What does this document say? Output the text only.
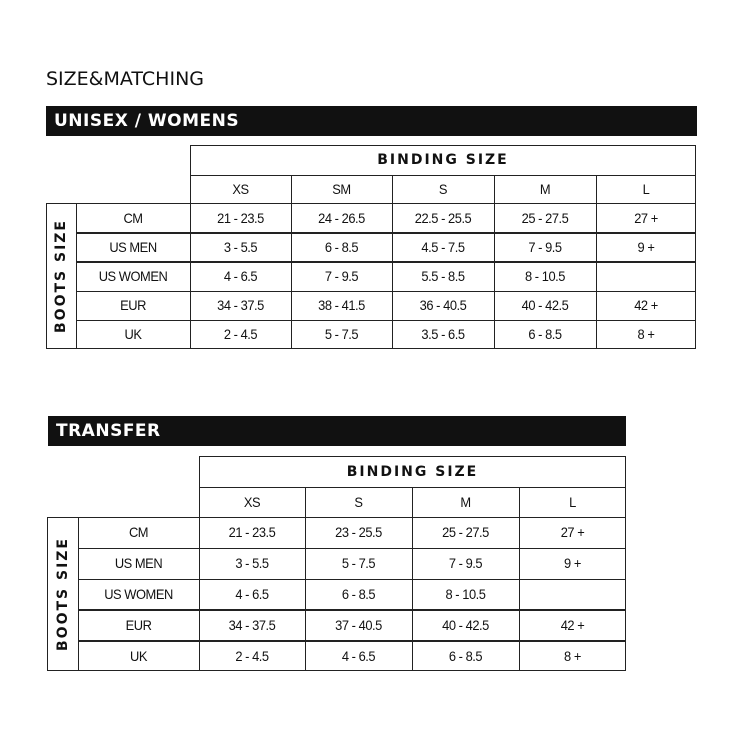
SIZE&MATCHING
UNISEX / WOMENS
BINDING SIZE
BOOTS SIZE
XS	SM	S	M	L
CM	21 - 23.5	24 - 26.5	22.5 - 25.5	25 - 27.5	27 +
US MEN	3 - 5.5	6 - 8.5	4.5 - 7.5	7 - 9.5	9 +
US WOMEN	4 - 6.5	7 - 9.5	5.5 - 8.5	8 - 10.5
EUR	34 - 37.5	38 - 41.5	36 - 40.5	40 - 42.5	42 +
UK	2 - 4.5	5 - 7.5	3.5 - 6.5	6 - 8.5	8 +
TRANSFER
BINDING SIZE
BOOTS SIZE
XS	S	M	L
CM	21 - 23.5	23 - 25.5	25 - 27.5	27 +
US MEN	3 - 5.5	5 - 7.5	7 - 9.5	9 +
US WOMEN	4 - 6.5	6 - 8.5	8 - 10.5
EUR	34 - 37.5	37 - 40.5	40 - 42.5	42 +
UK	2 - 4.5	4 - 6.5	6 - 8.5	8 +
